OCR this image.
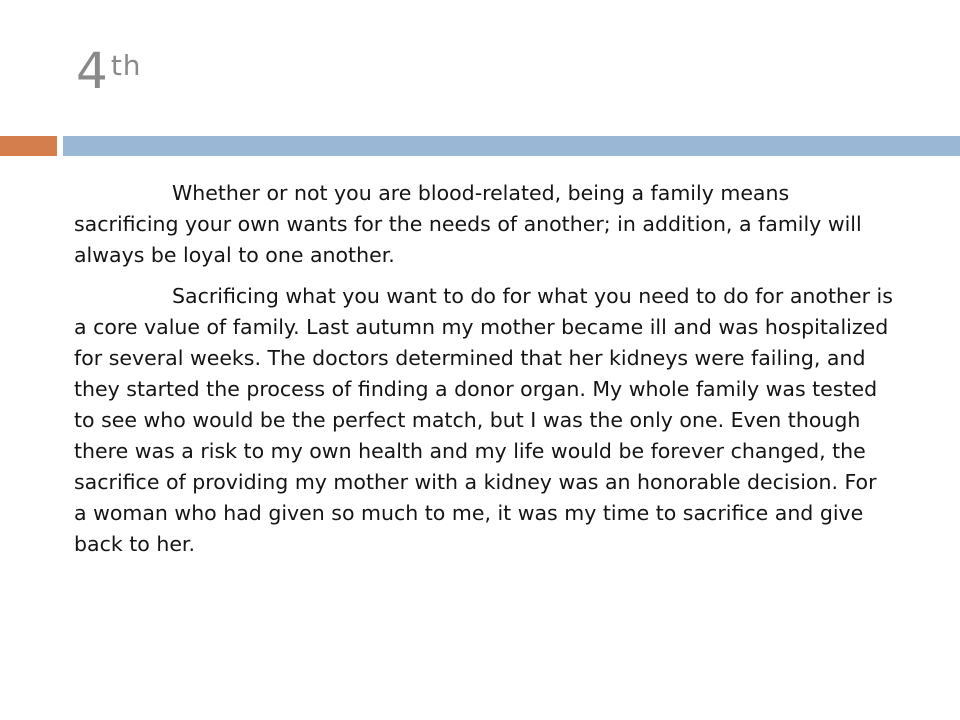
4th

Whether or not you are blood-related, being a family means sacrificing your own wants for the needs of another; in addition, a family will always be loyal to one another.

Sacrificing what you want to do for what you need to do for another is a core value of family. Last autumn my mother became ill and was hospitalized for several weeks. The doctors determined that her kidneys were failing, and they started the process of finding a donor organ. My whole family was tested to see who would be the perfect match, but I was the only one. Even though there was a risk to my own health and my life would be forever changed, the sacrifice of providing my mother with a kidney was an honorable decision. For a woman who had given so much to me, it was my time to sacrifice and give back to her.
